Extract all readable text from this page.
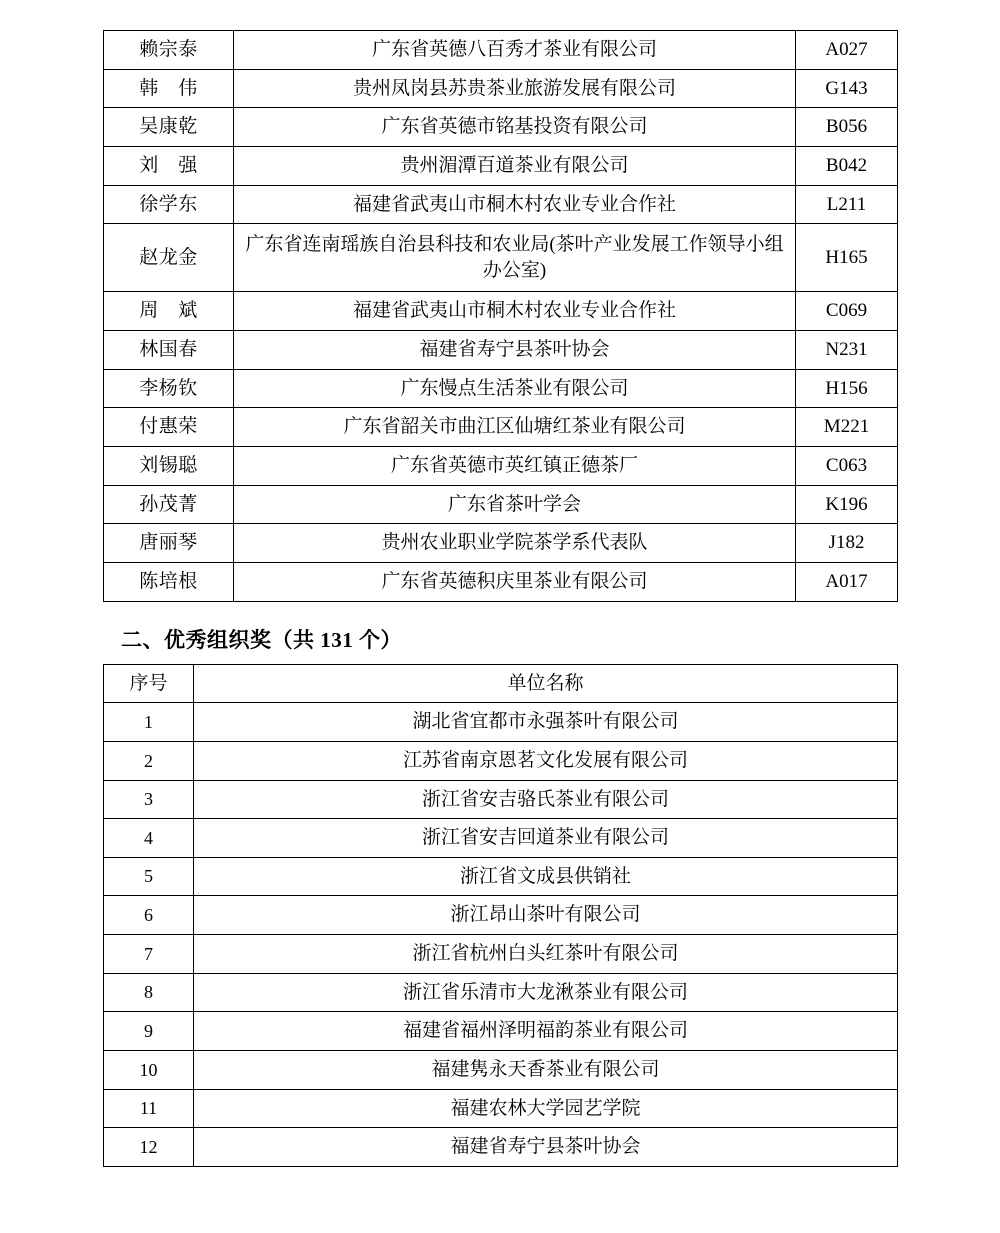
赖宗泰	广东省英德八百秀才茶业有限公司	A027
韩　伟	贵州凤岗县苏贵茶业旅游发展有限公司	G143
吴康乾	广东省英德市铭基投资有限公司	B056
刘　强	贵州湄潭百道茶业有限公司	B042
徐学东	福建省武夷山市桐木村农业专业合作社	L211
赵龙金	广东省连南瑶族自治县科技和农业局(茶叶产业发展工作领导小组办公室)	H165
周　斌	福建省武夷山市桐木村农业专业合作社	C069
林国春	福建省寿宁县茶叶协会	N231
李杨钦	广东慢点生活茶业有限公司	H156
付惠荣	广东省韶关市曲江区仙塘红茶业有限公司	M221
刘锡聪	广东省英德市英红镇正德茶厂	C063
孙茂菁	广东省茶叶学会	K196
唐丽琴	贵州农业职业学院茶学系代表队	J182
陈培根	广东省英德积庆里茶业有限公司	A017
二、优秀组织奖（共 131 个）
序号	单位名称
1	湖北省宜都市永强茶叶有限公司
2	江苏省南京恩茗文化发展有限公司
3	浙江省安吉骆氏茶业有限公司
4	浙江省安吉回道茶业有限公司
5	浙江省文成县供销社
6	浙江昂山茶叶有限公司
7	浙江省杭州白头红茶叶有限公司
8	浙江省乐清市大龙湫茶业有限公司
9	福建省福州泽明福韵茶业有限公司
10	福建隽永天香茶业有限公司
11	福建农林大学园艺学院
12	福建省寿宁县茶叶协会
